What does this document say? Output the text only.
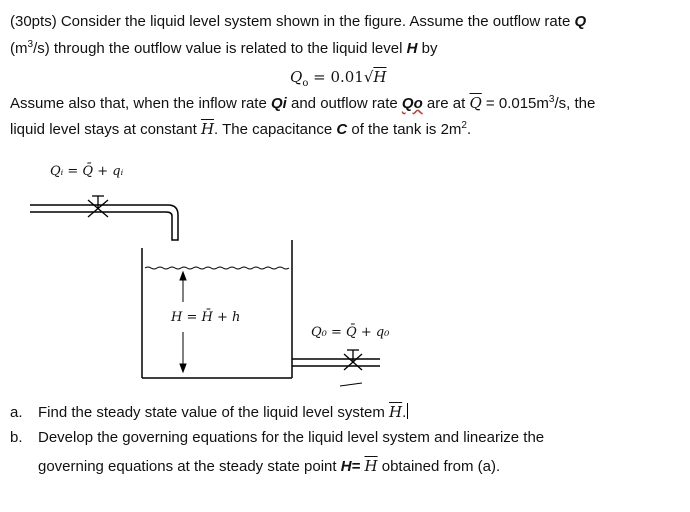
(30pts) Consider the liquid level system shown in the figure. Assume the outflow rate Q
$(m^3/s)$ through the outflow value is related to the liquid level H by
$Q_o = 0.01√H$
Assume also that, when the inflow rate Qi and outflow rate Qo are at $\overline{Q} = 0.015m^3/s$, the
liquid level stays at constant $\overline{H}$. The capacitance C of the tank is $2m^2$.
Qᵢ = Q̄ + qᵢ
H = H̄ + h
Q₀ = Q̄ + q₀
a. Find the steady state value of the liquid level system $\overline{H}$.
b. Develop the governing equations for the liquid level system and linearize the
governing equations at the steady state point $H= \overline{H}$ obtained from (a).
